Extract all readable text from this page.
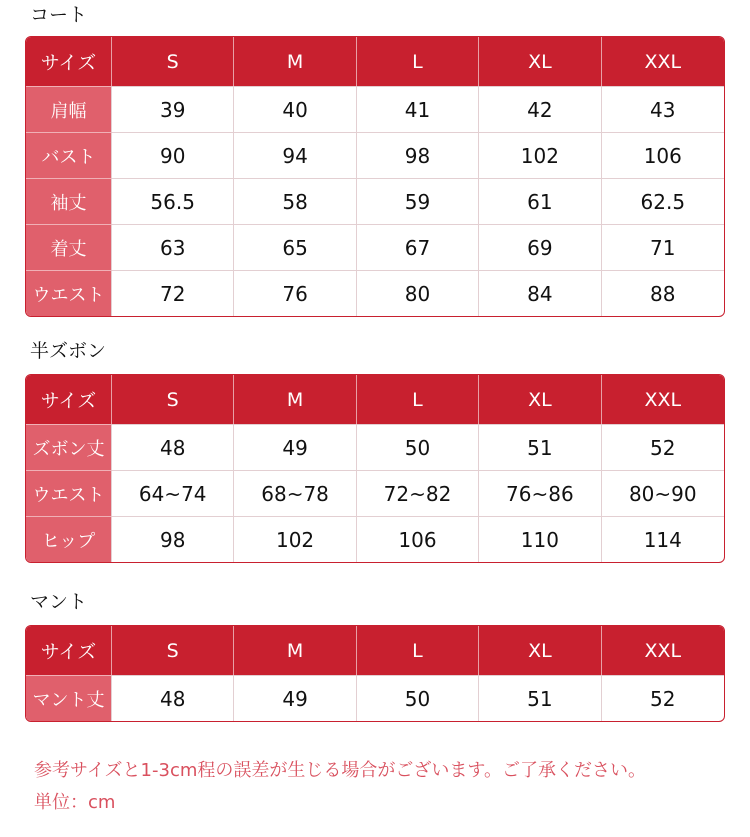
コート
サイズ	S	M	L	XL	XXL
肩幅	39	40	41	42	43
バスト	90	94	98	102	106
袖丈	56.5	58	59	61	62.5
着丈	63	65	67	69	71
ウエスト	72	76	80	84	88
半ズボン
サイズ	S	M	L	XL	XXL
ズボン丈	48	49	50	51	52
ウエスト	64~74	68~78	72~82	76~86	80~90
ヒップ	98	102	106	110	114
マント
サイズ	S	M	L	XL	XXL
マント丈	48	49	50	51	52
参考サイズと1-3cm程の誤差が生じる場合がございます。ご了承ください。
単位：cm
